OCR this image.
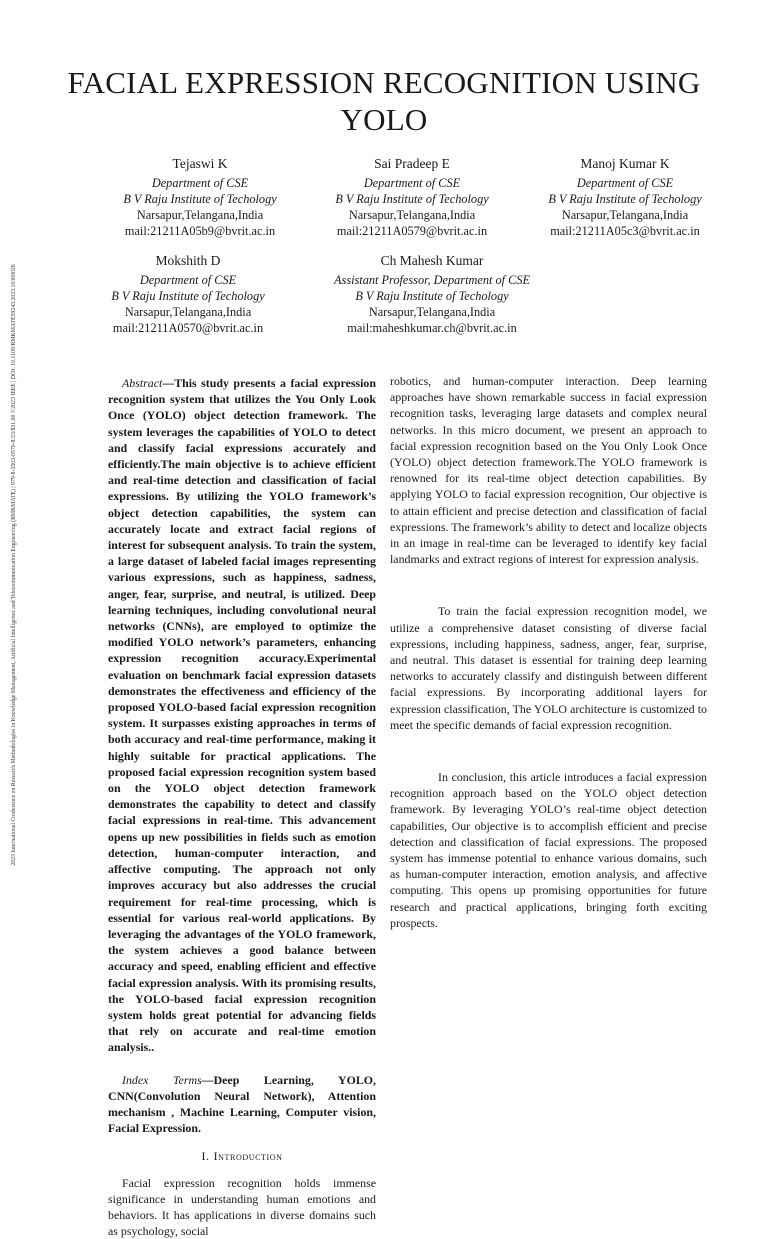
2023 International Conference on Research Methodologies in Knowledge Management, Artificial Intelligence and Telecommunication Engineering (RMKMATE) | 979-8-3503-0570-8/23/$31.00 ©2023 IEEE | DOI: 10.1109/RMKMATE59243.2023.10369026
FACIAL EXPRESSION RECOGNITION USING YOLO
Tejaswi K
Department of CSE
B V Raju Institute of Techology
Narsapur,Telangana,India
mail:21211A05b9@bvrit.ac.in
Sai Pradeep E
Department of CSE
B V Raju Institute of Techology
Narsapur,Telangana,India
mail:21211A0579@bvrit.ac.in
Manoj Kumar K
Department of CSE
B V Raju Institute of Techology
Narsapur,Telangana,India
mail:21211A05c3@bvrit.ac.in
Mokshith D
Department of CSE
B V Raju Institute of Techology
Narsapur,Telangana,India
mail:21211A0570@bvrit.ac.in
Ch Mahesh Kumar
Assistant Professor, Department of CSE
B V Raju Institute of Techology
Narsapur,Telangana,India
mail:maheshkumar.ch@bvrit.ac.in

Abstract—This study presents a facial expression recognition system that utilizes the You Only Look Once (YOLO) object detection framework. The system leverages the capabilities of YOLO to detect and classify facial expressions accurately and efficiently.The main objective is to achieve efficient and real-time detection and classification of facial expressions. By utilizing the YOLO framework’s object detection capabilities, the system can accurately locate and extract facial regions of interest for subsequent analysis. To train the system, a large dataset of labeled facial images representing various expressions, such as happiness, sadness, anger, fear, surprise, and neutral, is utilized. Deep learning techniques, including convolutional neural networks (CNNs), are employed to optimize the modified YOLO network’s parameters, enhancing expression recognition accuracy.Experimental evaluation on benchmark facial expression datasets demonstrates the effectiveness and efficiency of the proposed YOLO-based facial expression recognition system. It surpasses existing approaches in terms of both accuracy and real-time performance, making it highly suitable for practical applications. The proposed facial expression recognition system based on the YOLO object detection framework demonstrates the capability to detect and classify facial expressions in real-time. This advancement opens up new possibilities in fields such as emotion detection, human-computer interaction, and affective computing. The approach not only improves accuracy but also addresses the crucial requirement for real-time processing, which is essential for various real-world applications. By leveraging the advantages of the YOLO framework, the system achieves a good balance between accuracy and speed, enabling efficient and effective facial expression analysis. With its promising results, the YOLO-based facial expression recognition system holds great potential for advancing fields that rely on accurate and real-time emotion analysis..

Index Terms—Deep Learning, YOLO, CNN(Convolution Neural Network), Attention mechanism , Machine Learning, Computer vision, Facial Expression.

I. Introduction

Facial expression recognition holds immense significance in understanding human emotions and behaviors. It has applications in diverse domains such as psychology, social

robotics, and human-computer interaction. Deep learning approaches have shown remarkable success in facial expression recognition tasks, leveraging large datasets and complex neural networks. In this micro document, we present an approach to facial expression recognition based on the You Only Look Once (YOLO) object detection framework.The YOLO framework is renowned for its real-time object detection capabilities. By applying YOLO to facial expression recognition, Our objective is to attain efficient and precise detection and classification of facial expressions. The framework’s ability to detect and localize objects in an image in real-time can be leveraged to identify key facial landmarks and extract regions of interest for expression analysis.

To train the facial expression recognition model, we utilize a comprehensive dataset consisting of diverse facial expressions, including happiness, sadness, anger, fear, surprise, and neutral. This dataset is essential for training deep learning networks to accurately classify and distinguish between different facial expressions. By incorporating additional layers for expression classification, The YOLO architecture is customized to meet the specific demands of facial expression recognition.

In conclusion, this article introduces a facial expression recognition approach based on the YOLO object detection framework. By leveraging YOLO’s real-time object detection capabilities, Our objective is to accomplish efficient and precise detection and classification of facial expressions. The proposed system has immense potential to enhance various domains, such as human-computer interaction, emotion analysis, and affective computing. This opens up promising opportunities for future research and practical applications, bringing forth exciting prospects.
